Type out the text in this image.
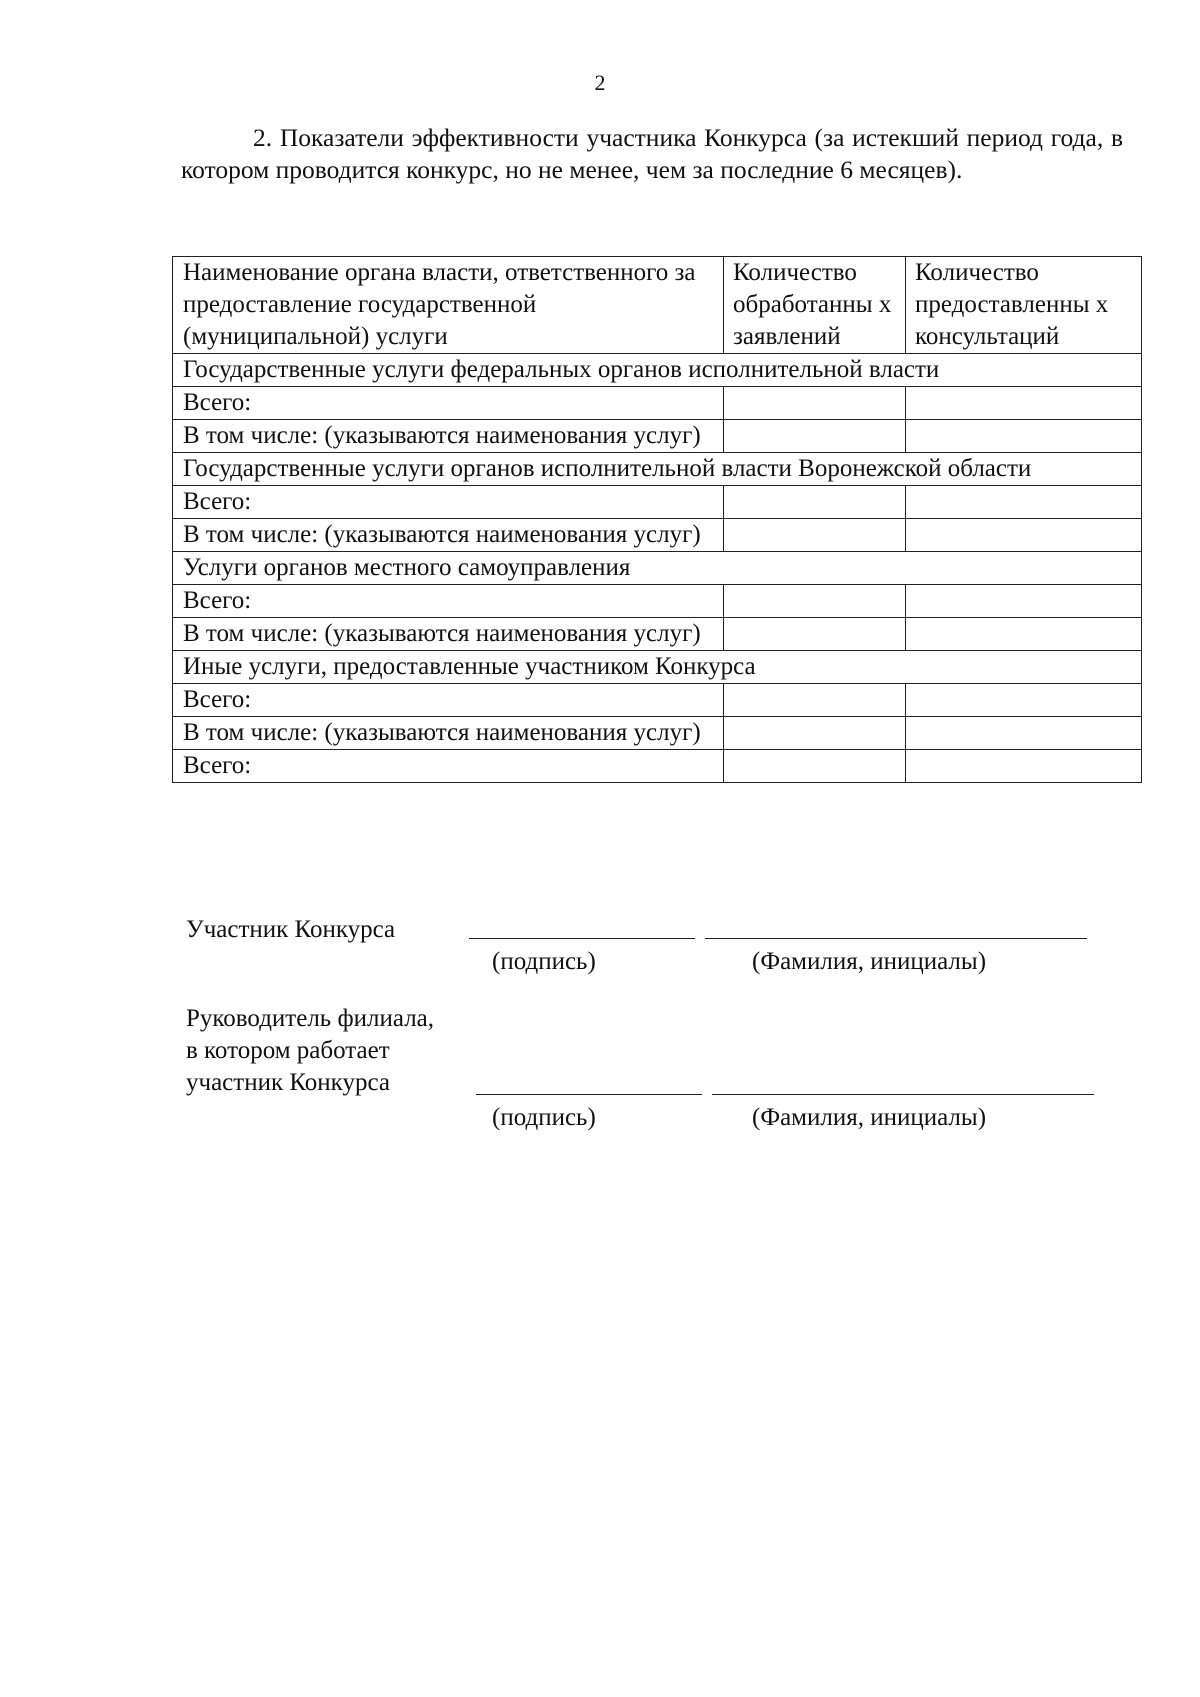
2
2. Показатели эффективности участника Конкурса (за истекший период года, в котором проводится конкурс, но не менее, чем за последние 6 месяцев).
Наименование органа власти, ответственного за предоставление государственной (муниципальной) услуги	Количество обработанны х заявлений	Количество предоставленны х консультаций
Государственные услуги федеральных органов исполнительной власти		
Всего:		
В том числе: (указываются наименования услуг)		
Государственные услуги органов исполнительной власти Воронежской области		
Всего:		
В том числе: (указываются наименования услуг)		
Услуги органов местного самоуправления		
Всего:		
В том числе: (указываются наименования услуг)		
Иные услуги, предоставленные участником Конкурса		
Всего:		
В том числе: (указываются наименования услуг)		
Всего:		
Участник Конкурса
(подпись)	(Фамилия, инициалы)
Руководитель филиала,
в котором работает
участник Конкурса
(подпись)	(Фамилия, инициалы)
